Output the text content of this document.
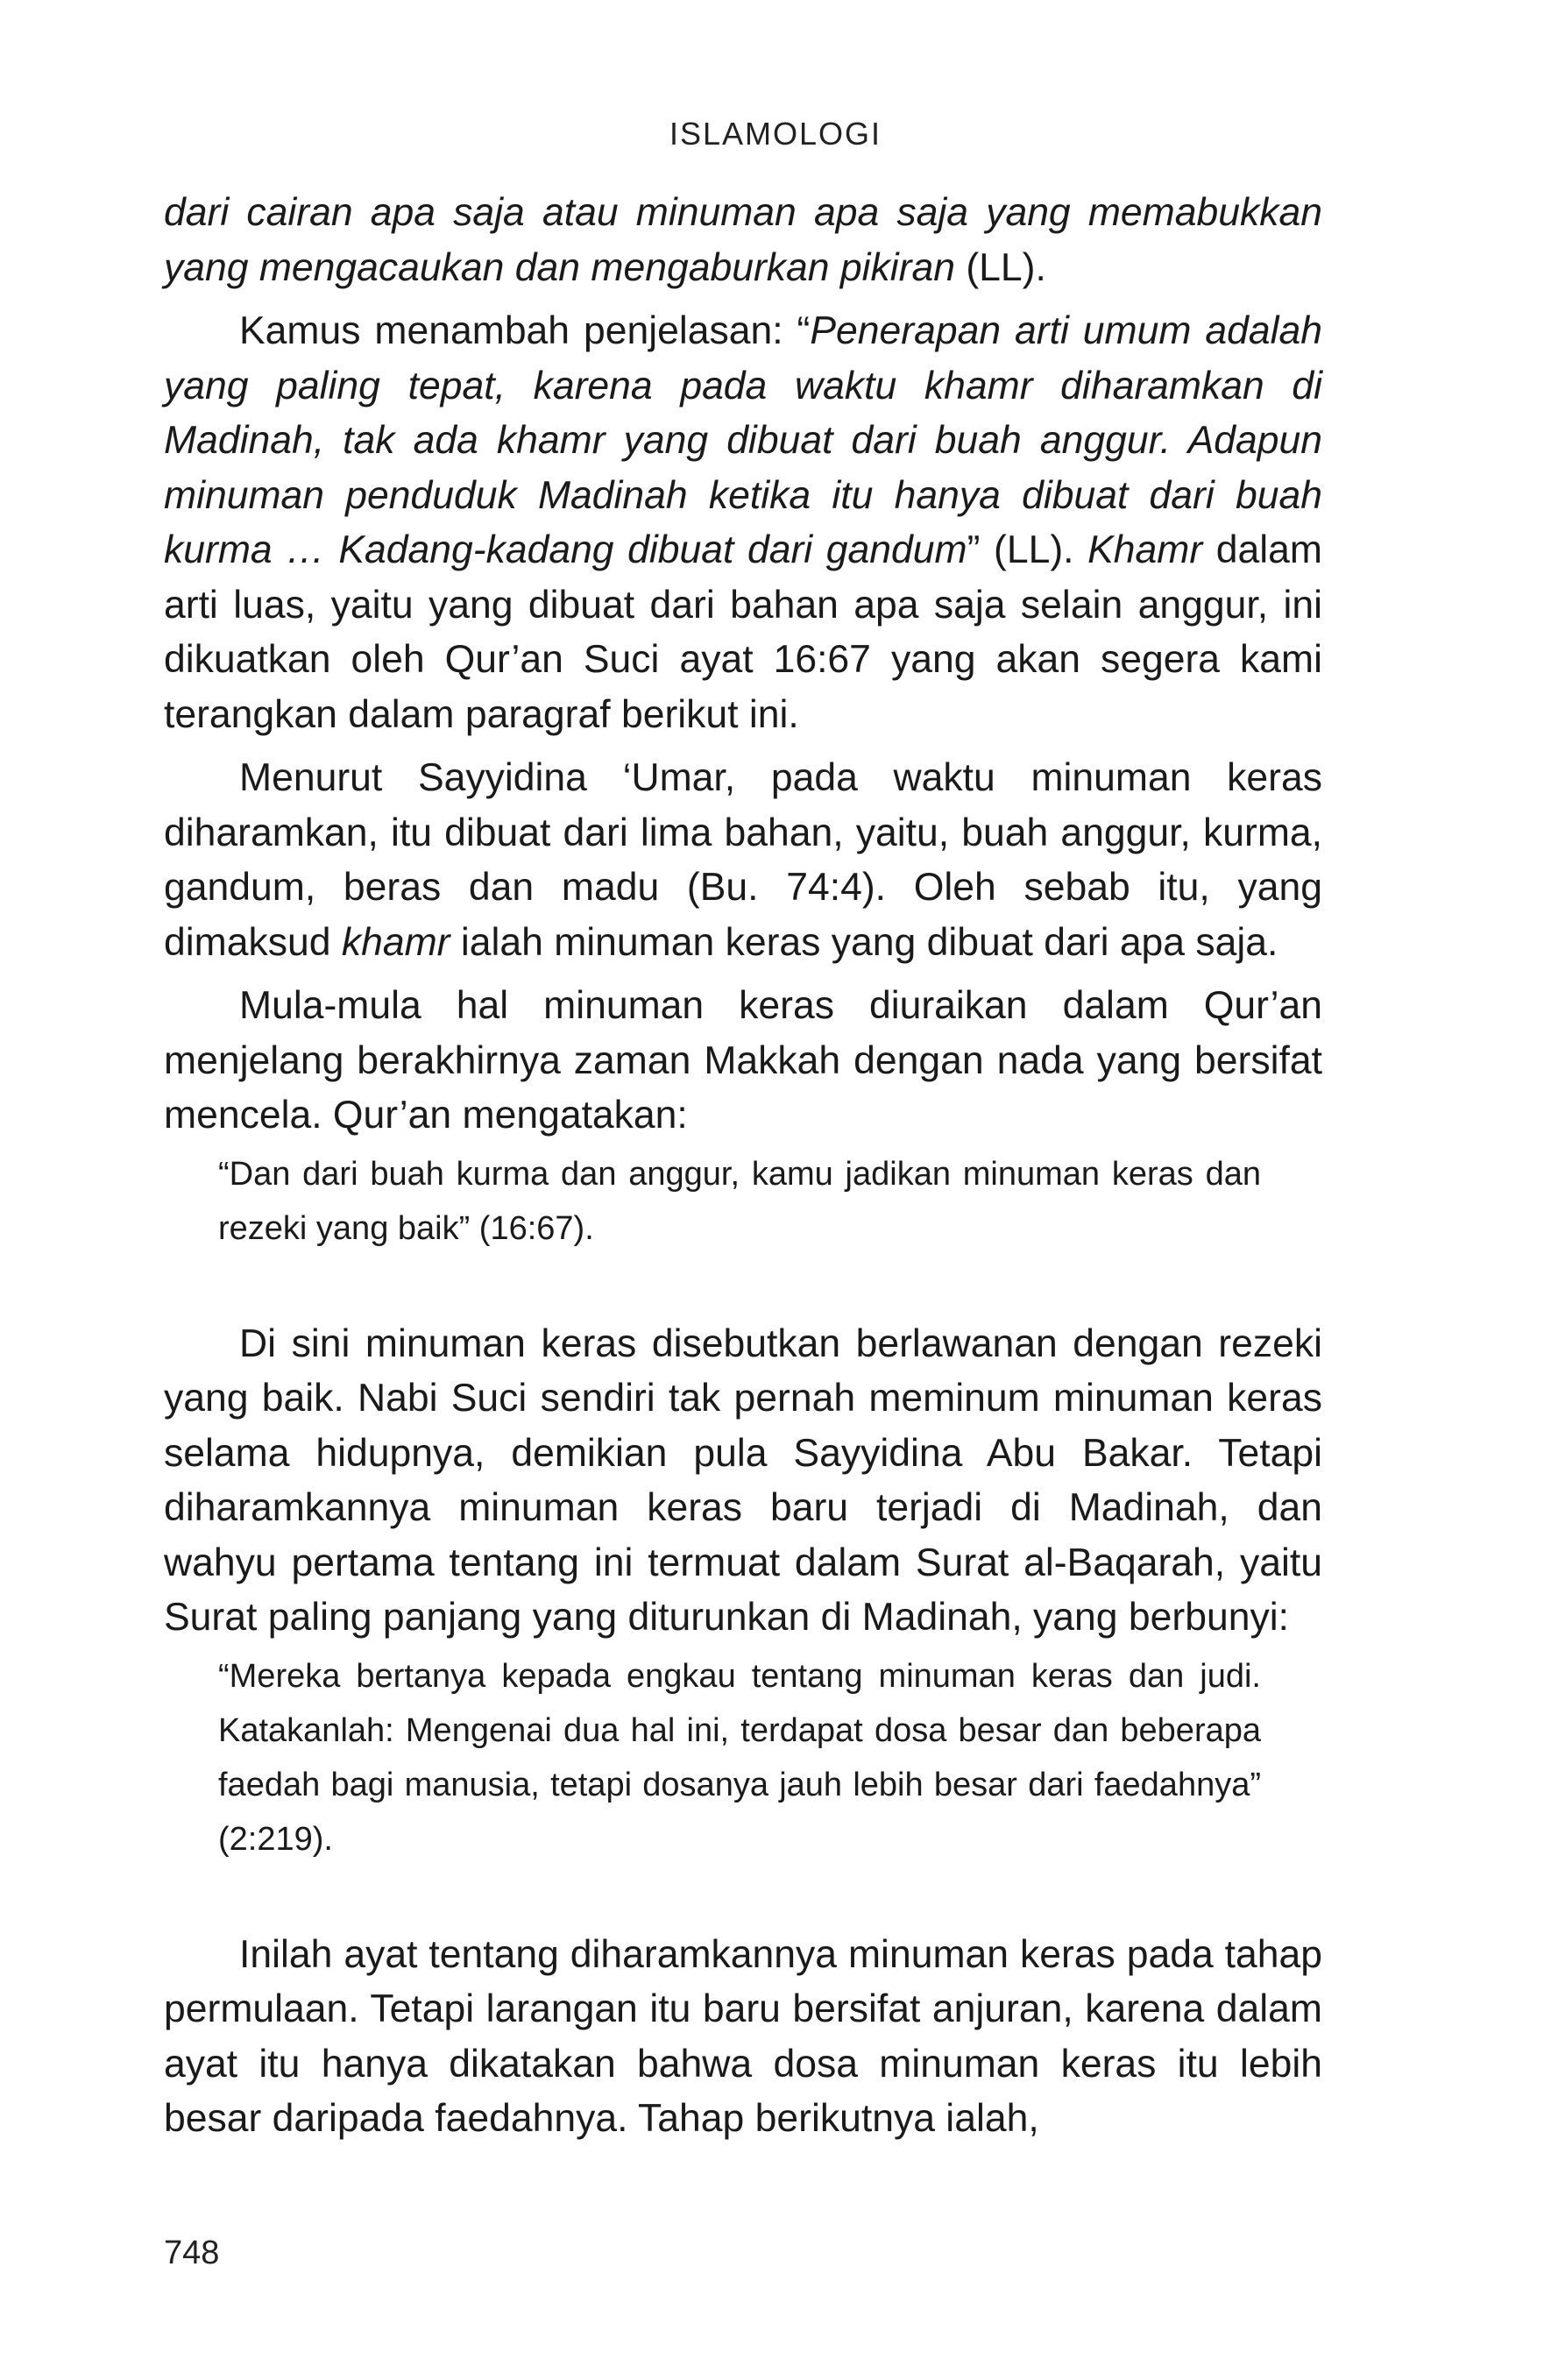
ISLAMOLOGI

dari cairan apa saja atau minuman apa saja yang memabukkan yang mengacaukan dan mengaburkan pikiran (LL).

Kamus menambah penjelasan: “Penerapan arti umum adalah yang paling tepat, karena pada waktu khamr diharamkan di Madinah, tak ada khamr yang dibuat dari buah anggur. Adapun minuman penduduk Madinah ketika itu hanya dibuat dari buah kurma … Kadang-kadang dibuat dari gandum” (LL). Khamr dalam arti luas, yaitu yang dibuat dari bahan apa saja selain anggur, ini dikuatkan oleh Qur’an Suci ayat 16:67 yang akan segera kami terangkan dalam paragraf berikut ini.

Menurut Sayyidina ‘Umar, pada waktu minuman keras diharamkan, itu dibuat dari lima bahan, yaitu, buah anggur, kurma, gandum, beras dan madu (Bu. 74:4). Oleh sebab itu, yang dimaksud khamr ialah minuman keras yang dibuat dari apa saja.

Mula-mula hal minuman keras diuraikan dalam Qur’an menjelang berakhirnya zaman Makkah dengan nada yang bersifat mencela. Qur’an mengatakan:

“Dan dari buah kurma dan anggur, kamu jadikan minuman keras dan rezeki yang baik” (16:67).

Di sini minuman keras disebutkan berlawanan dengan rezeki yang baik. Nabi Suci sendiri tak pernah meminum minuman keras selama hidupnya, demikian pula Sayyidina Abu Bakar. Tetapi diharamkannya minuman keras baru terjadi di Madinah, dan wahyu pertama tentang ini termuat dalam Surat al-Baqarah, yaitu Surat paling panjang yang diturunkan di Madinah, yang berbunyi:

“Mereka bertanya kepada engkau tentang minuman keras dan judi. Katakanlah: Mengenai dua hal ini, terdapat dosa besar dan beberapa faedah bagi manusia, tetapi dosanya jauh lebih besar dari faedahnya” (2:219).

Inilah ayat tentang diharamkannya minuman keras pada tahap permulaan. Tetapi larangan itu baru bersifat anjuran, karena dalam ayat itu hanya dikatakan bahwa dosa minuman keras itu lebih besar daripada faedahnya. Tahap berikutnya ialah,

748
